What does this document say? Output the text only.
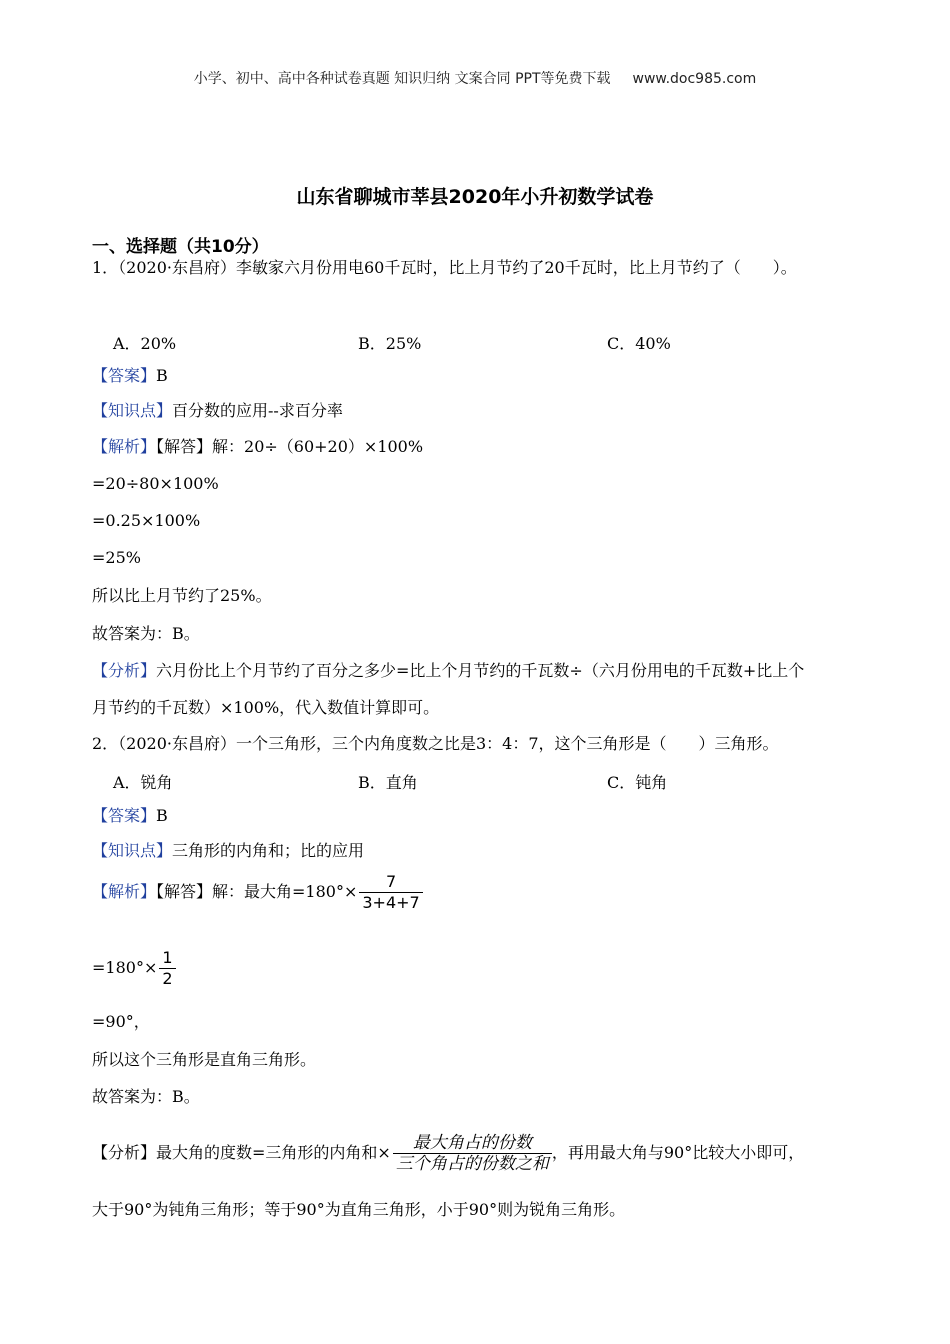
小学、初中、高中各种试卷真题 知识归纳 文案合同 PPT等免费下载 www.doc985.com
山东省聊城市莘县2020年小升初数学试卷
一、选择题（共10分）
1．（2020·东昌府）李敏家六月份用电60千瓦时，比上月节约了20千瓦时，比上月节约了（　　）。
A．20%	B．25%	C．40%
【答案】B
【知识点】百分数的应用--求百分率
【解析】【解答】解：20÷（60+20）×100%
=20÷80×100%
=0.25×100%
=25%
所以比上月节约了25%。
故答案为：B。
【分析】六月份比上个月节约了百分之多少=比上个月节约的千瓦数÷（六月份用电的千瓦数+比上个
月节约的千瓦数）×100%，代入数值计算即可。
2．（2020·东昌府）一个三角形，三个内角度数之比是3：4：7，这个三角形是（　　）三角形。
A．锐角	B．直角	C．钝角
【答案】B
【知识点】三角形的内角和；比的应用
【解析】【解答】解：最大角$=180^\circ\times \frac{7}{3+4+7}$
$=180^\circ\times \frac{1}{2}$
=90°，
所以这个三角形是直角三角形。
故答案为：B。
【分析】最大角的度数=三角形的内角和× $\frac{\text{最大角占的份数}}{\text{三个角占的份数之和}}$ ，再用最大角与90°比较大小即可，
大于90°为钝角三角形；等于90°为直角三角形，小于90°则为锐角三角形。
